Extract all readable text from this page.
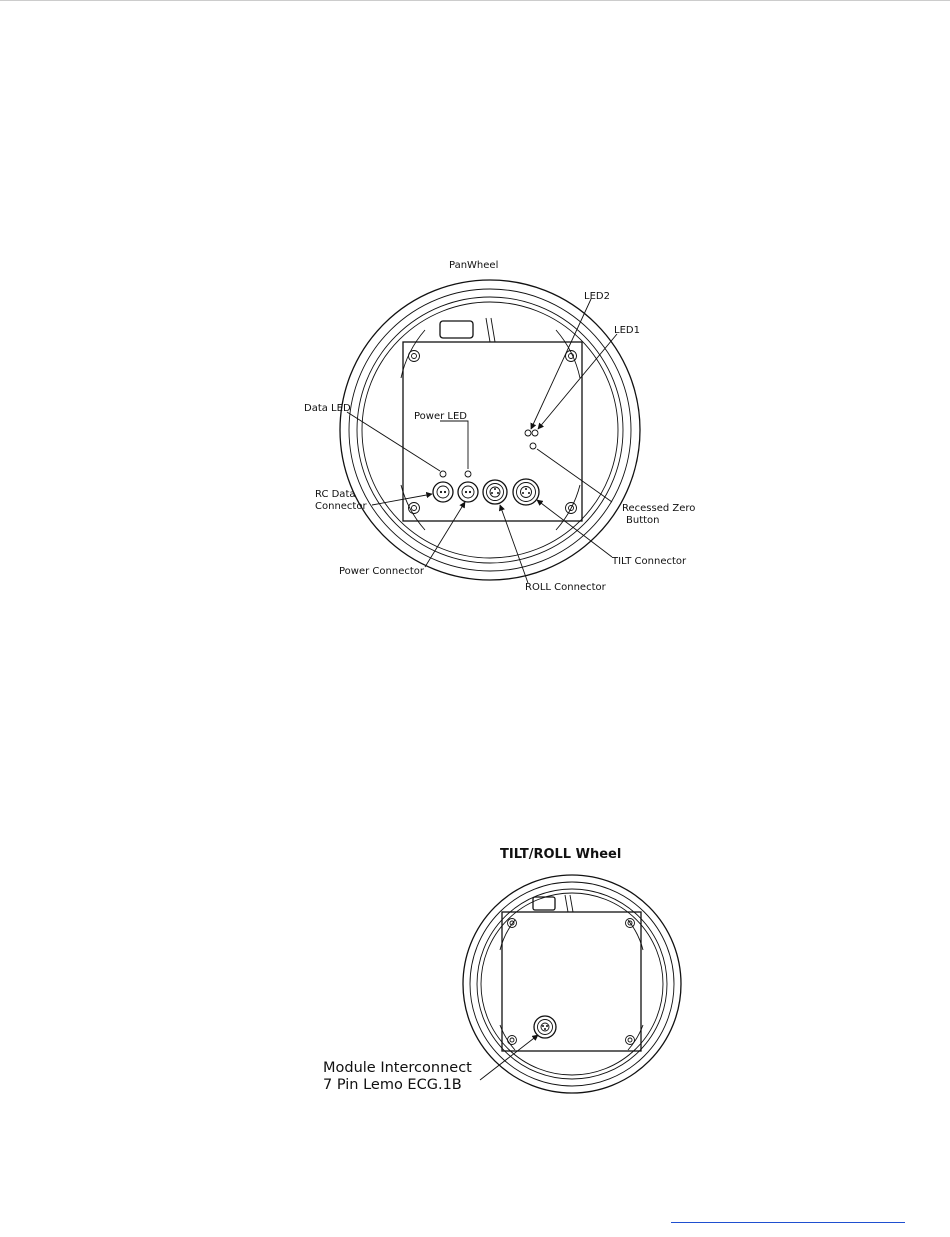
PanWheel
LED2
LED1
Data LED
Power LED
RC Data
Connector	Recessed Zero
Button
TILT Connector
Power Connector
ROLL Connector
TILT/ROLL Wheel
Module Interconnect
7 Pin Lemo ECG.1B
